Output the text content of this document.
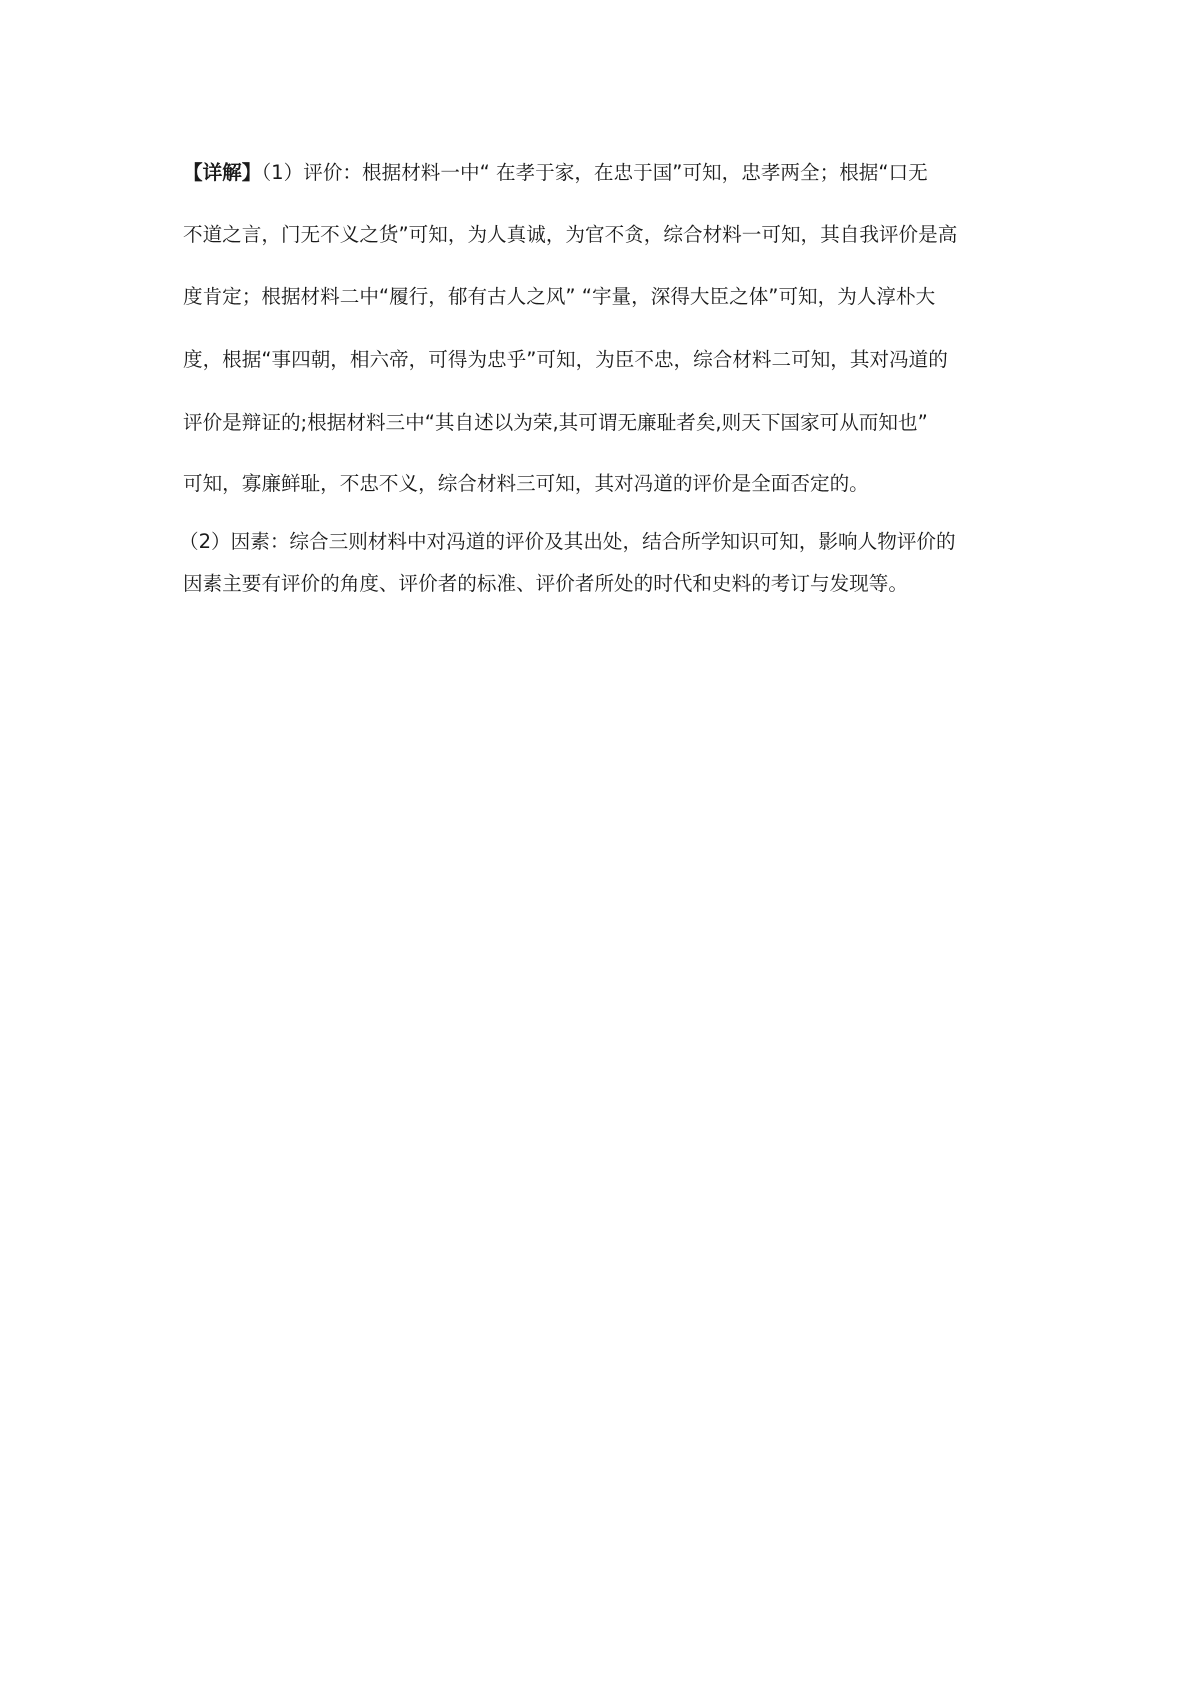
【详解】（1）评价：根据材料一中“ 在孝于家，在忠于国”可知，忠孝两全；根据“口无
不道之言，门无不义之货”可知，为人真诚，为官不贪，综合材料一可知，其自我评价是高
度肯定；根据材料二中“履行，郁有古人之风” “宇量，深得大臣之体”可知，为人淳朴大
度，根据“事四朝，相六帝，可得为忠乎”可知，为臣不忠，综合材料二可知，其对冯道的
评价是辩证的;根据材料三中“其自述以为荣,其可谓无廉耻者矣,则天下国家可从而知也”
可知，寡廉鲜耻，不忠不义，综合材料三可知，其对冯道的评价是全面否定的。
（2）因素：综合三则材料中对冯道的评价及其出处，结合所学知识可知，影响人物评价的
因素主要有评价的角度、评价者的标准、评价者所处的时代和史料的考订与发现等。
